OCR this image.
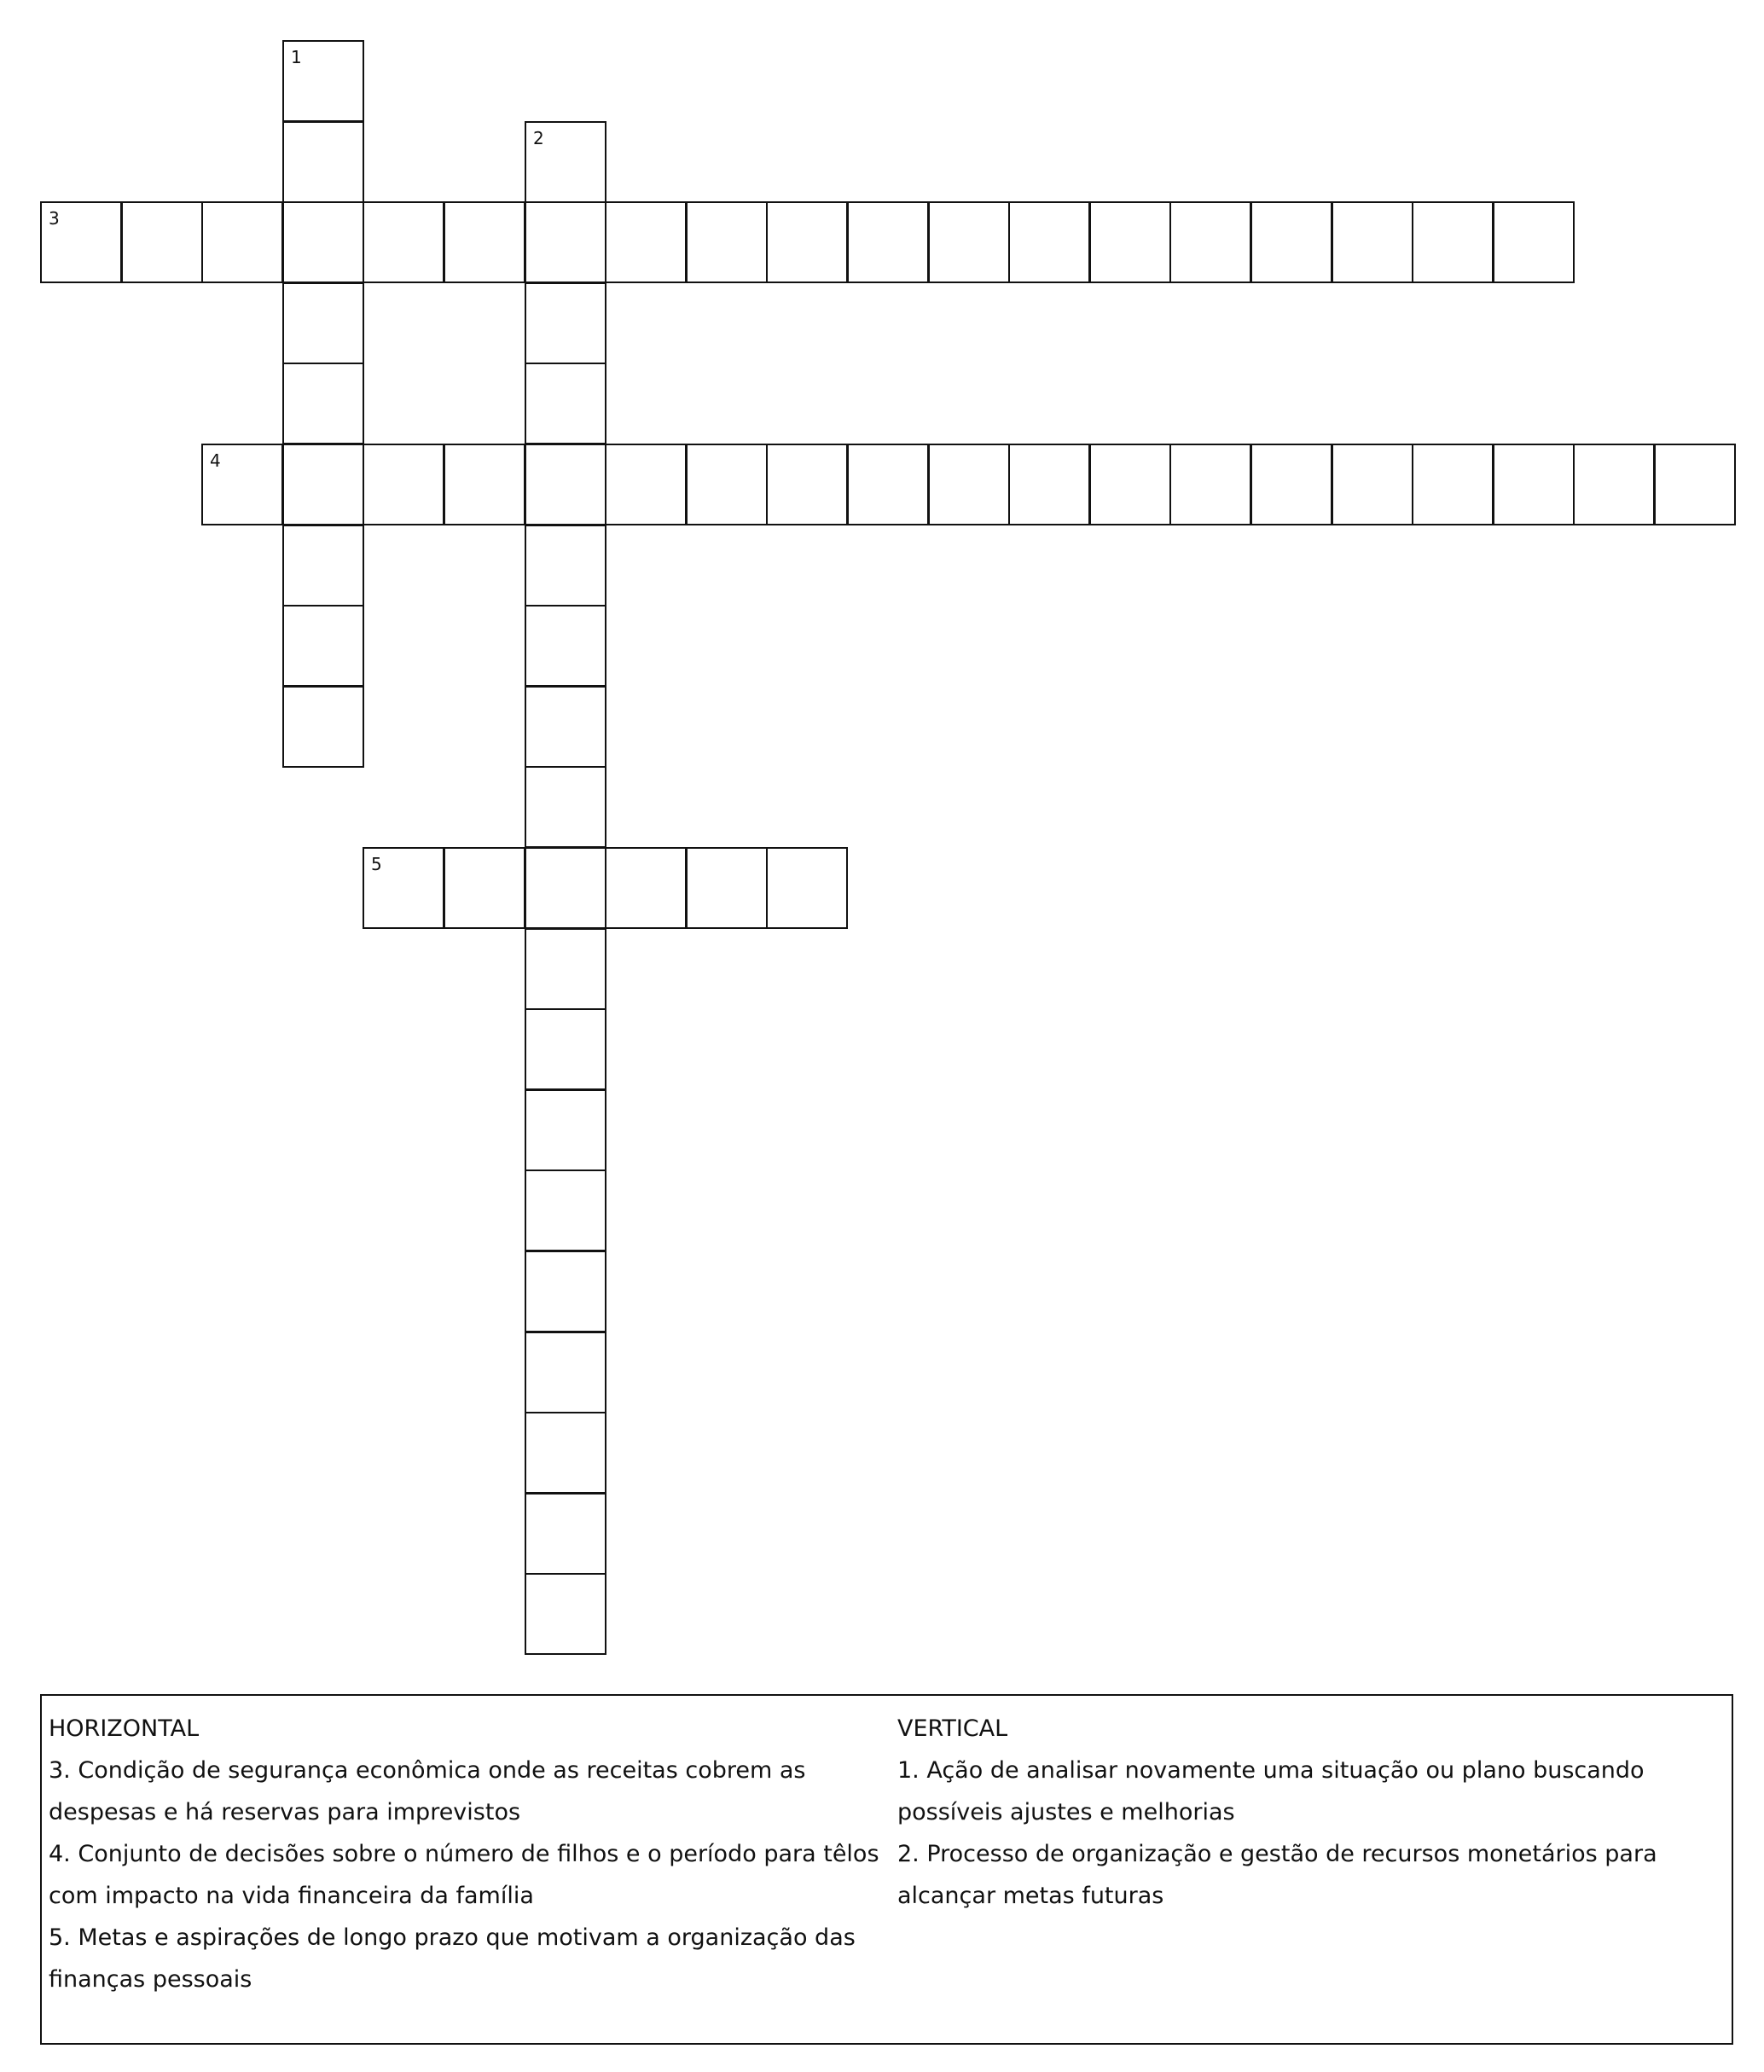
1
2
3
4
5
HORIZONTAL
3. Condição de segurança econômica onde as receitas cobrem as despesas e há reservas para imprevistos
4. Conjunto de decisões sobre o número de filhos e o período para têlos com impacto na vida financeira da família
5. Metas e aspirações de longo prazo que motivam a organização das finanças pessoais
VERTICAL
1. Ação de analisar novamente uma situação ou plano buscando possíveis ajustes e melhorias
2. Processo de organização e gestão de recursos monetários para alcançar metas futuras
